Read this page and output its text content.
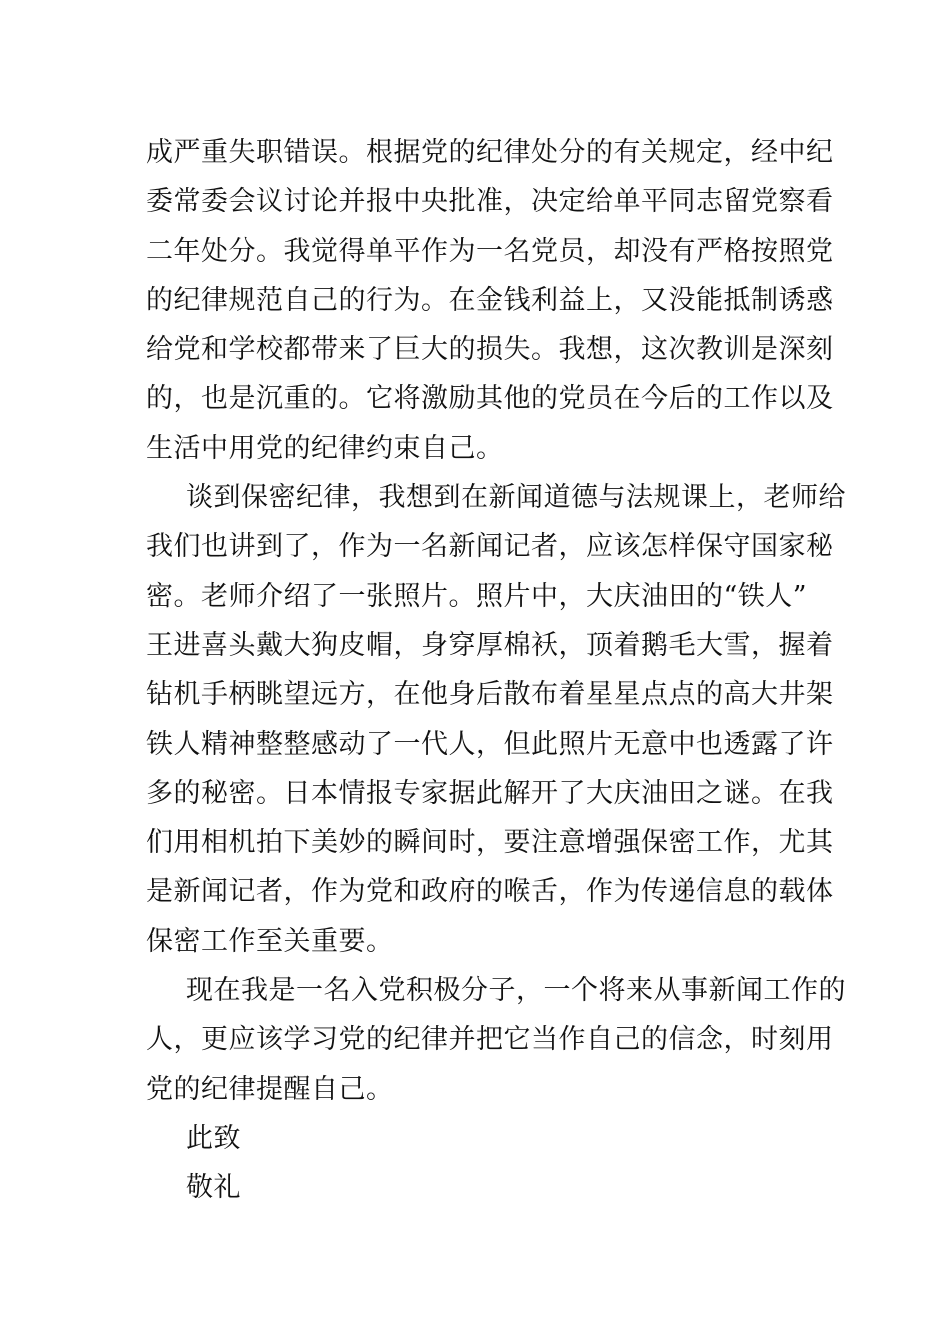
成严重失职错误。根据党的纪律处分的有关规定，经中纪
委常委会议讨论并报中央批准，决定给单平同志留党察看
二年处分。我觉得单平作为一名党员，却没有严格按照党
的纪律规范自己的行为。在金钱利益上，又没能抵制诱惑
给党和学校都带来了巨大的损失。我想，这次教训是深刻
的，也是沉重的。它将激励其他的党员在今后的工作以及
生活中用党的纪律约束自己。
谈到保密纪律，我想到在新闻道德与法规课上，老师给
我们也讲到了，作为一名新闻记者，应该怎样保守国家秘
密。老师介绍了一张照片。照片中，大庆油田的“铁人”
王进喜头戴大狗皮帽，身穿厚棉袄，顶着鹅毛大雪，握着
钻机手柄眺望远方，在他身后散布着星星点点的高大井架
铁人精神整整感动了一代人，但此照片无意中也透露了许
多的秘密。日本情报专家据此解开了大庆油田之谜。在我
们用相机拍下美妙的瞬间时，要注意增强保密工作，尤其
是新闻记者，作为党和政府的喉舌，作为传递信息的载体
保密工作至关重要。
现在我是一名入党积极分子，一个将来从事新闻工作的
人，更应该学习党的纪律并把它当作自己的信念，时刻用
党的纪律提醒自己。
此致
敬礼
